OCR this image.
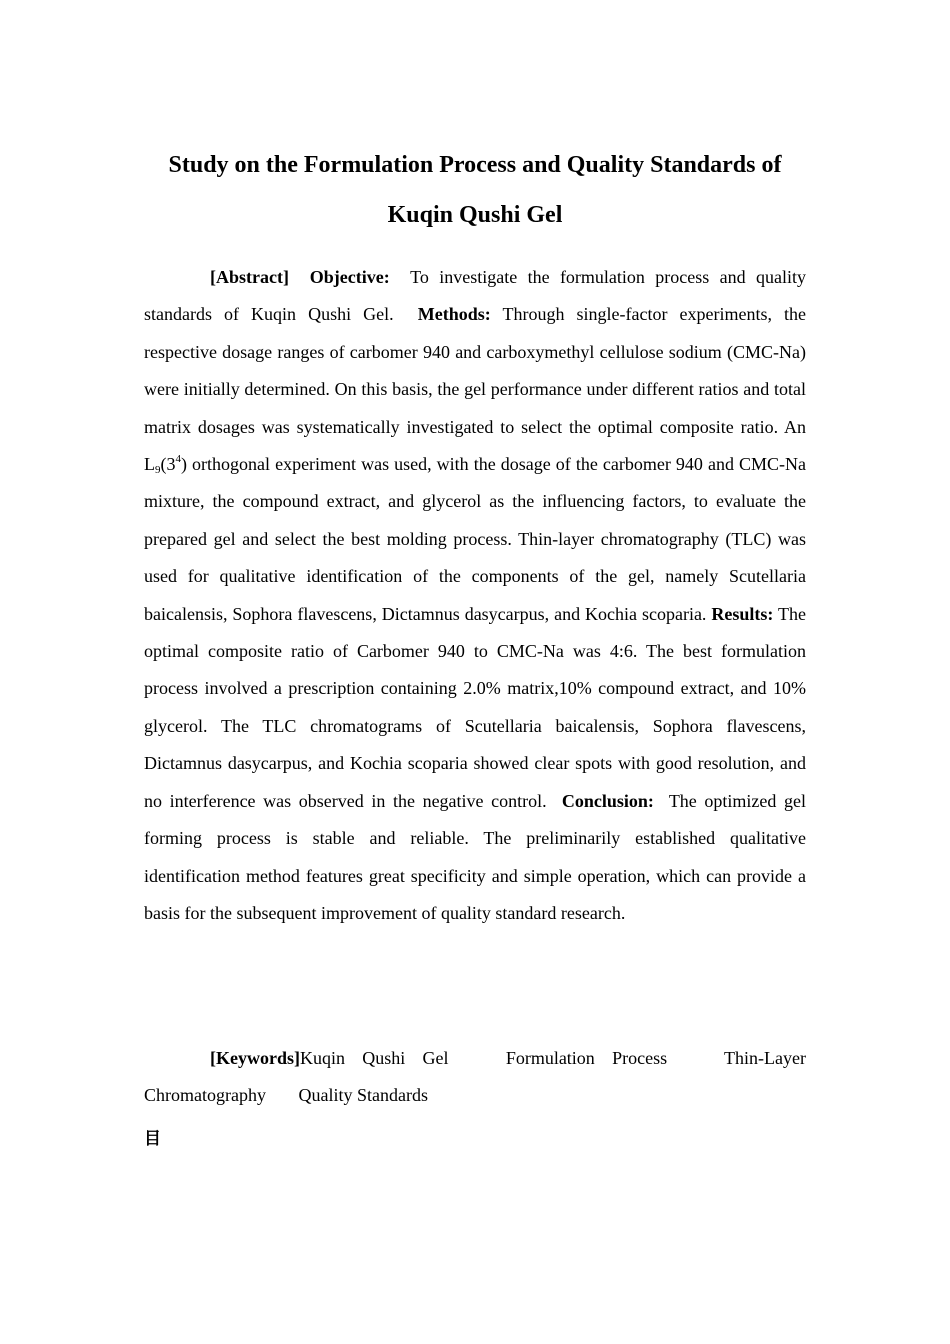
Study on the Formulation Process and Quality Standards of
Kuqin Qushi Gel

[Abstract] Objective: To investigate the formulation process and quality standards of Kuqin Qushi Gel. Methods: Through single-factor experiments, the respective dosage ranges of carbomer 940 and carboxymethyl cellulose sodium (CMC-Na) were initially determined. On this basis, the gel performance under different ratios and total matrix dosages was systematically investigated to select the optimal composite ratio. An $L9(3^4)$ orthogonal experiment was used, with the dosage of the carbomer 940 and CMC-Na mixture, the compound extract, and glycerol as the influencing factors, to evaluate the prepared gel and select the best molding process. Thin-layer chromatography (TLC) was used for qualitative identification of the components of the gel, namely Scutellaria baicalensis, Sophora flavescens, Dictamnus dasycarpus, and Kochia scoparia. Results: The optimal composite ratio of Carbomer 940 to CMC-Na was 4:6. The best formulation process involved a prescription containing 2.0% matrix,10% compound extract, and 10% glycerol. The TLC chromatograms of Scutellaria baicalensis, Sophora flavescens, Dictamnus dasycarpus, and Kochia scoparia showed clear spots with good resolution, and no interference was observed in the negative control. Conclusion: The optimized gel forming process is stable and reliable. The preliminarily established qualitative identification method features great specificity and simple operation, which can provide a basis for the subsequent improvement of quality standard research.

[Keywords]Kuqin Qushi Gel	Formulation Process	Thin-Layer Chromatography Quality Standards

目
